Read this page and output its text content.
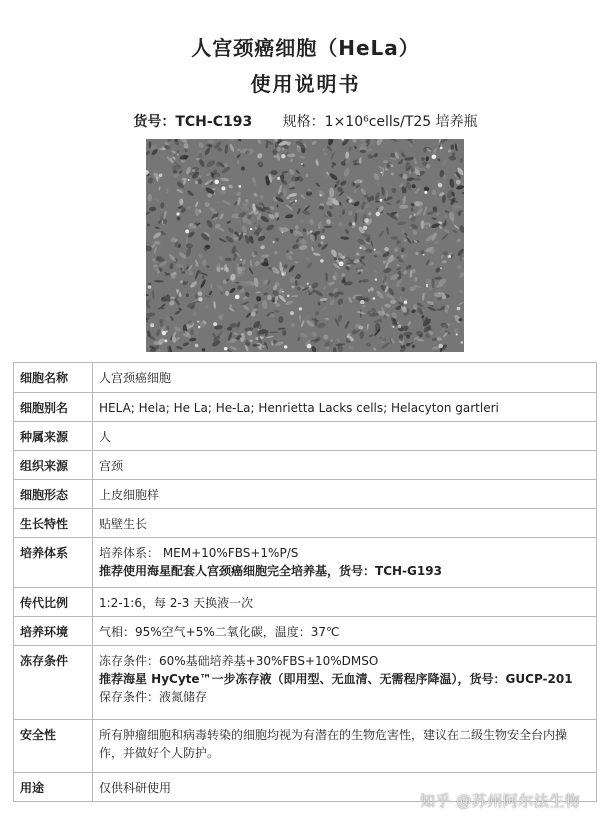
人宫颈癌细胞（HeLa）
使用说明书
货号：TCH-C193 规格：1×10⁶cells/T25 培养瓶
细胞名称	人宫颈癌细胞

细胞别名	HELA; Hela; He La; He-La; Henrietta Lacks cells; Helacyton gartleri

种属来源	人

组织来源	宫颈

细胞形态	上皮细胞样

生长特性	贴壁生长

培养体系	培养体系： MEM+10%FBS+1%P/S
推荐使用海星配套人宫颈癌细胞完全培养基，货号：TCH-G193

传代比例	1:2-1:6，每 2-3 天换液一次

培养环境	气相：95%空气+5%二氧化碳，温度：37℃

冻存条件	冻存条件：60%基础培养基+30%FBS+10%DMSO
推荐海星 HyCyte™一步冻存液（即用型、无血清、无需程序降温），货号：GUCP-201
保存条件：液氮储存

安全性	所有肿瘤细胞和病毒转染的细胞均视为有潜在的生物危害性，建议在二级生物安全台内操作，并做好个人防护。

用途	仅供科研使用
知乎 @苏州阿尔法生物
